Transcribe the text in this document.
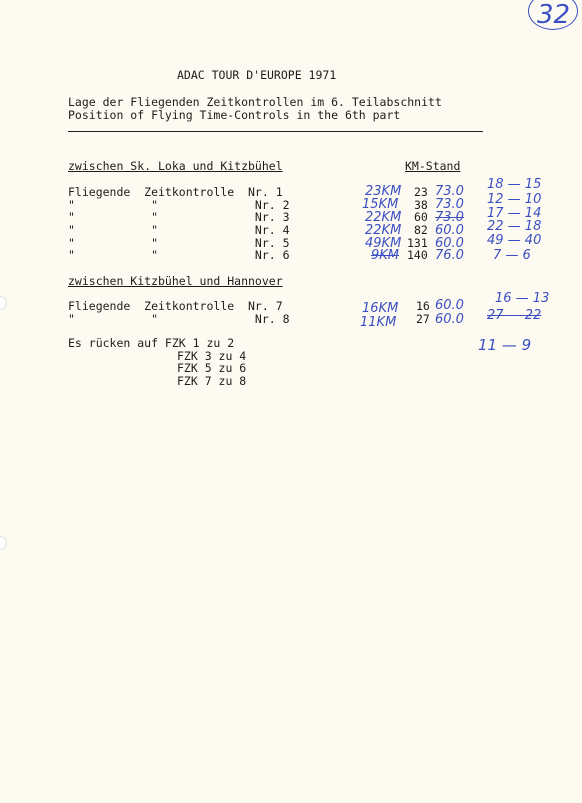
32
ADAC TOUR D'EUROPE 1971
Lage der Fliegenden Zeitkontrollen im 6. Teilabschnitt
Position of Flying Time-Controls in the 6th part
zwischen Sk. Loka und Kitzbühel	KM-Stand
Fliegende  Zeitkontrolle  Nr. 1
"           "              Nr. 2
"           "              Nr. 3
"           "              Nr. 4
"           "              Nr. 5
"           "              Nr. 6
23KM
15KM
22KM
22KM
49KM
9KM
23
38
60
82
131
140
73.0
73.0
73.0
60.0
60.0
76.0
18 — 15
12 — 10
17 — 14
22 — 18
49 — 40
7 — 6
zwischen Kitzbühel und Hannover
Fliegende  Zeitkontrolle  Nr. 7
"           "              Nr. 8
16KM
11KM
16
27
60.0
60.0
16 — 13
27 — 22
11 — 9
Es rücken auf FZK 1 zu 2
FZK 3 zu 4
FZK 5 zu 6
FZK 7 zu 8
